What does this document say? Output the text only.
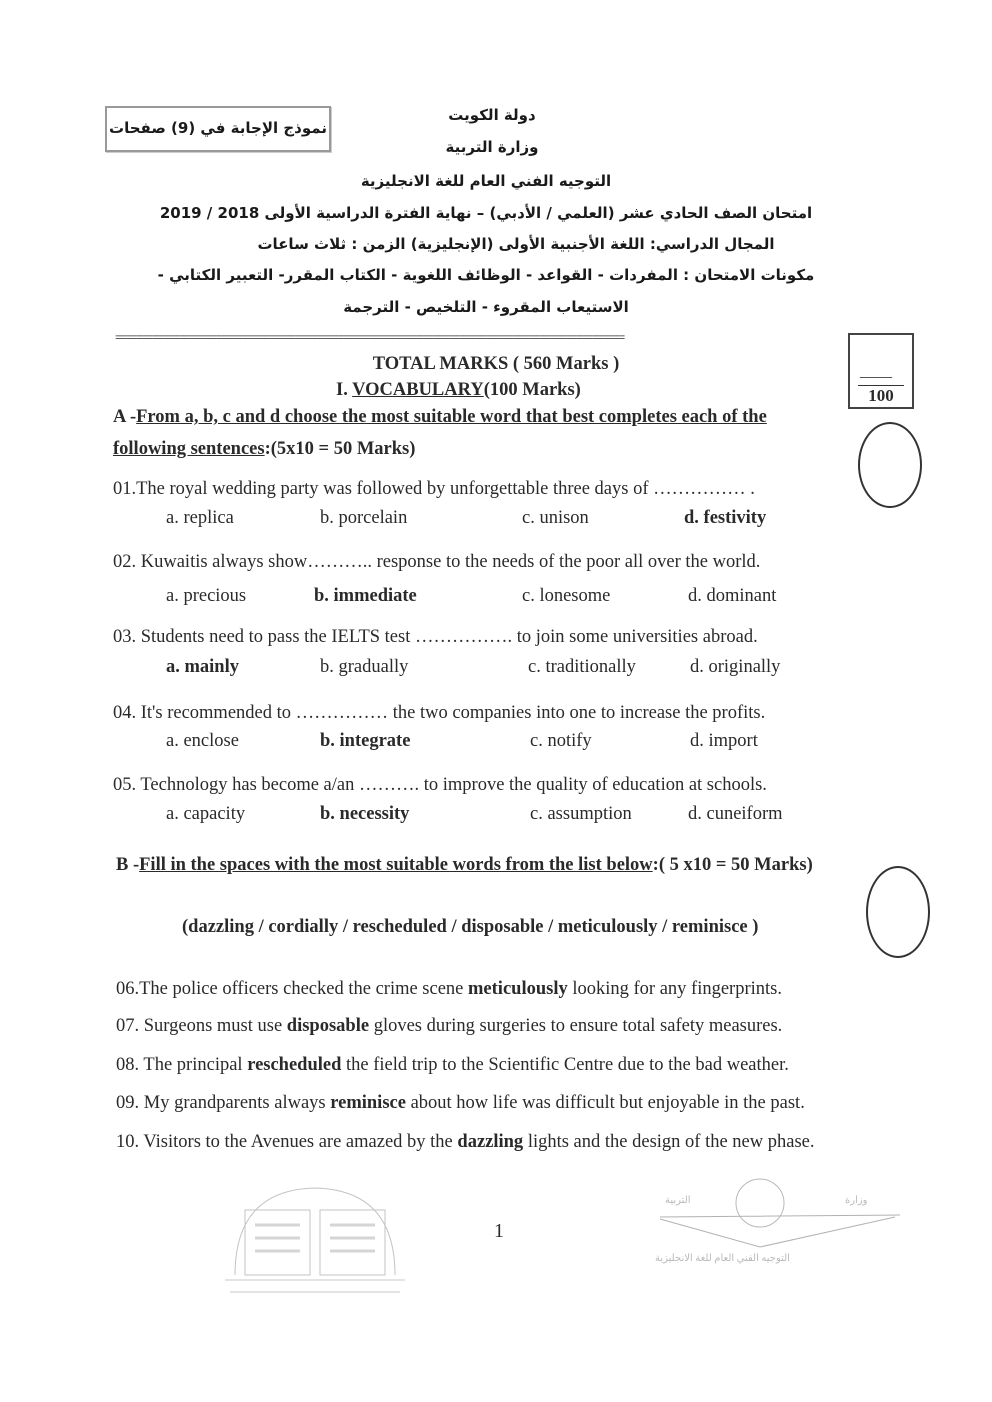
نموذج الإجابة في (9) صفحات
دولة الكويت
وزارة التربية
التوجيه الفني العام للغة الانجليزية
امتحان الصف الحادي عشر (العلمي / الأدبي) – نهاية الفترة الدراسية الأولى 2018 / 2019
المجال الدراسي: اللغة الأجنبية الأولى (الإنجليزية) الزمن : ثلاث ساعات
مكونات الامتحان : المفردات - القواعد - الوظائف اللغوية - الكتاب المقرر- التعبير الكتابي -
الاستيعاب المقروء - التلخيص - الترجمة
================================================================================================
____
100
TOTAL MARKS ( 560 Marks )
I. VOCABULARY(100 Marks)
A -From a, b, c and d choose the most suitable word that best completes each of the
following sentences:(5x10 = 50 Marks)
01.The royal wedding party was followed by unforgettable three days of …………… .
a. replica	b. porcelain	c. unison	d. festivity
02. Kuwaitis always show……….. response to the needs of the poor all over the world.
a. precious	b. immediate	c. lonesome	d. dominant
03. Students need to pass the IELTS test ……………. to join some universities abroad.
a. mainly	b. gradually	c. traditionally	d. originally
04. It's recommended to …………… the two companies into one to increase the profits.
a. enclose	b. integrate	c. notify	d. import
05. Technology has become a/an ………. to improve the quality of education at schools.
a. capacity	b. necessity	c. assumption	d. cuneiform
B -Fill in the spaces with the most suitable words from the list below:( 5 x10 = 50 Marks)
(dazzling / cordially / rescheduled / disposable / meticulously / reminisce )
06.The police officers checked the crime scene meticulously looking for any fingerprints.
07. Surgeons must use disposable gloves during surgeries to ensure total safety measures.
08. The principal rescheduled the field trip to the Scientific Centre due to the bad weather.
09. My grandparents always reminisce about how life was difficult but enjoyable in the past.
10. Visitors to the Avenues are amazed by the dazzling lights and the design of the new phase.
1
التربية	وزارة
التوجيه الفني العام للغة الانجليزية
